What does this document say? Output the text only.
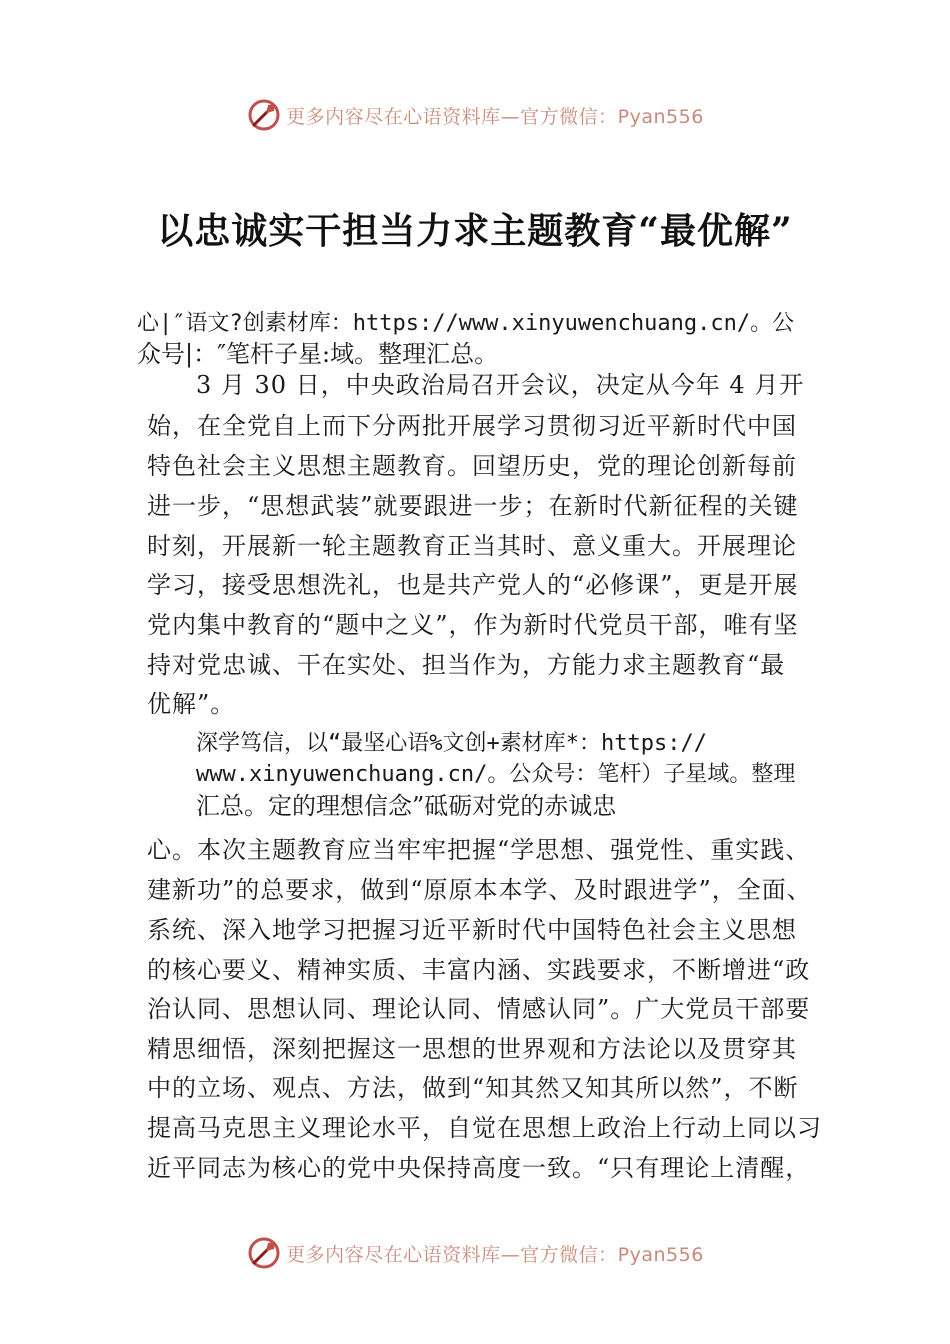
更多内容尽在心语资料库—官方微信：Pyan556
以忠诚实干担当力求主题教育“最优解”
心|″语文?创素材库：https://www.xinyuwenchuang.cn/。公
众号|：″笔杆子星:域。整理汇总。
3 月 30 日，中央政治局召开会议，决定从今年 4 月开
始，在全党自上而下分两批开展学习贯彻习近平新时代中国
特色社会主义思想主题教育。回望历史，党的理论创新每前
进一步，“思想武装”就要跟进一步；在新时代新征程的关键
时刻，开展新一轮主题教育正当其时、意义重大。开展理论
学习，接受思想洗礼，也是共产党人的“必修课”，更是开展
党内集中教育的“题中之义”，作为新时代党员干部，唯有坚
持对党忠诚、干在实处、担当作为，方能力求主题教育“最
优解”。
深学笃信，以“最坚心语%文创+素材库*：https://
www.xinyuwenchuang.cn/。公众号：笔杆）子星域。整理
汇总。定的理想信念”砥砺对党的赤诚忠
心。本次主题教育应当牢牢把握“学思想、强党性、重实践、
建新功”的总要求，做到“原原本本学、及时跟进学”，全面、
系统、深入地学习把握习近平新时代中国特色社会主义思想
的核心要义、精神实质、丰富内涵、实践要求，不断增进“政
治认同、思想认同、理论认同、情感认同”。广大党员干部要
精思细悟，深刻把握这一思想的世界观和方法论以及贯穿其
中的立场、观点、方法，做到“知其然又知其所以然”，不断
提高马克思主义理论水平，自觉在思想上政治上行动上同以习
近平同志为核心的党中央保持高度一致。“只有理论上清醒，
更多内容尽在心语资料库—官方微信：Pyan556
